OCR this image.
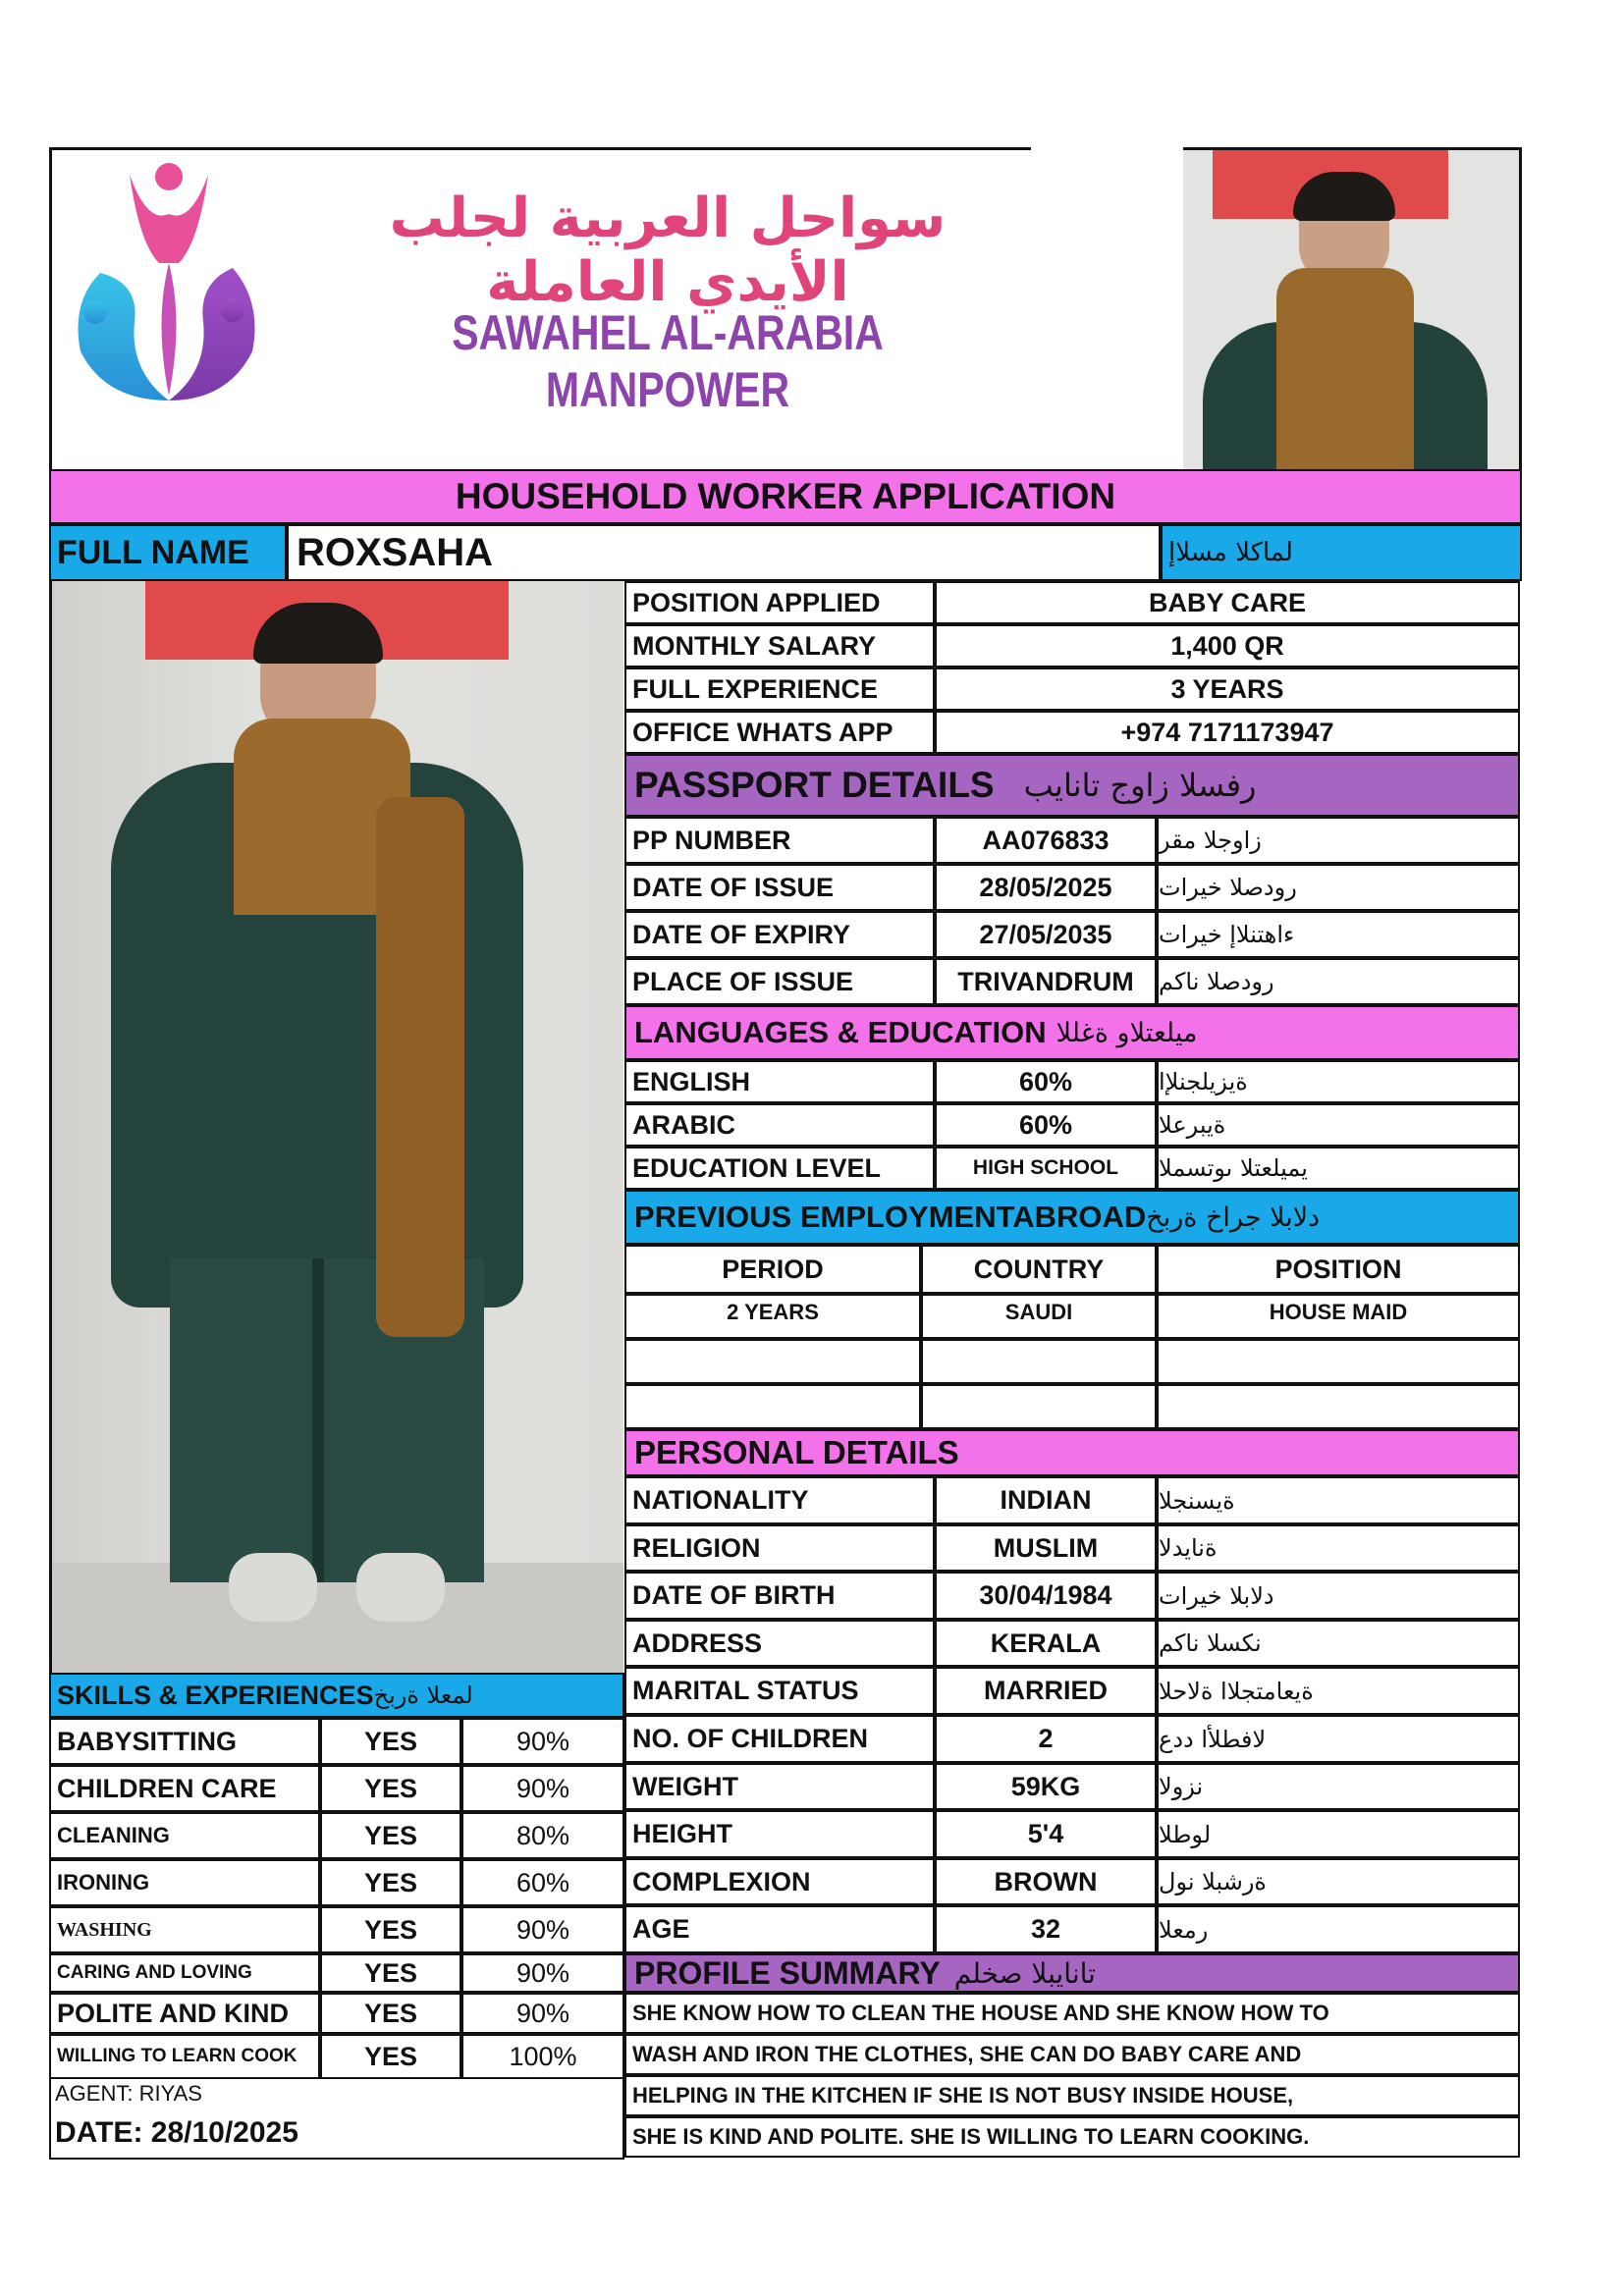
سواحل العربية لجلب الأيدي العاملة
SAWAHEL AL-ARABIA MANPOWER
HOUSEHOLD WORKER APPLICATION
FULL NAME ROXSAHA	لماكلا مسلاإ
POSITION APPLIED	BABY CARE
MONTHLY SALARY	1,400 QR
FULL EXPERIENCE	3 YEARS
OFFICE WHATS APP	+974 7171173947
PASSPORT DETAILS رفسلا زاوج تانايب
PP NUMBER	AA076833 زاوجلا مقر
DATE OF ISSUE	28/05/2025 رودصلا خيرات
DATE OF EXPIRY	27/05/2035 ءاهتنلاإ خيرات
PLACE OF ISSUE	TRIVANDRUM رودصلا ناكم
LANGUAGES & EDUCATION ميلعتلاو ةغللا
ENGLISH	60%	ةيزيلجنلإا
ARABIC	60%	ةيبرعلا
EDUCATION LEVEL	HIGH SCHOOL يميلعتلا ىوتسملا
PREVIOUS EMPLOYMENTABROAD دلابلا جراخ ةربخ
PERIOD	COUNTRY	POSITION
2 YEARS	SAUDI	HOUSE MAID
PERSONAL DETAILS
NATIONALITY	INDIAN	ةيسنجلا
RELIGION	MUSLIM	ةنايدلا
DATE OF BIRTH	30/04/1984 دلابلا خيرات
ADDRESS	KERALA نكسلا ناكم
MARITAL STATUS	MARRIED ةيعامتجلاا ةلاحلا
NO. OF CHILDREN	2	لافطلأا ددع
WEIGHT	59KG	نزولا
HEIGHT	5'4	لوطلا
COMPLEXION	BROWN	ةرشبلا نول
AGE	32	رمعلا
SKILLS & EXPERIENCES لمعلا ةربخ
BABYSITTING	YES	90%
CHILDREN CARE	YES	90%
CLEANING	YES	80%
IRONING	YES	60%
WASHING	YES	90%
CARING AND LOVING	YES	90%
POLITE AND KIND	YES	90%
WILLING TO LEARN COOK	YES	100%
AGENT: RIYAS
DATE: 28/10/2025
PROFILE SUMMARY تانايبلا صخلم
SHE KNOW HOW TO CLEAN THE HOUSE AND SHE KNOW HOW TO
WASH AND IRON THE CLOTHES, SHE CAN DO BABY CARE AND
HELPING IN THE KITCHEN IF SHE IS NOT BUSY INSIDE HOUSE,
SHE IS KIND AND POLITE. SHE IS WILLING TO LEARN COOKING.
